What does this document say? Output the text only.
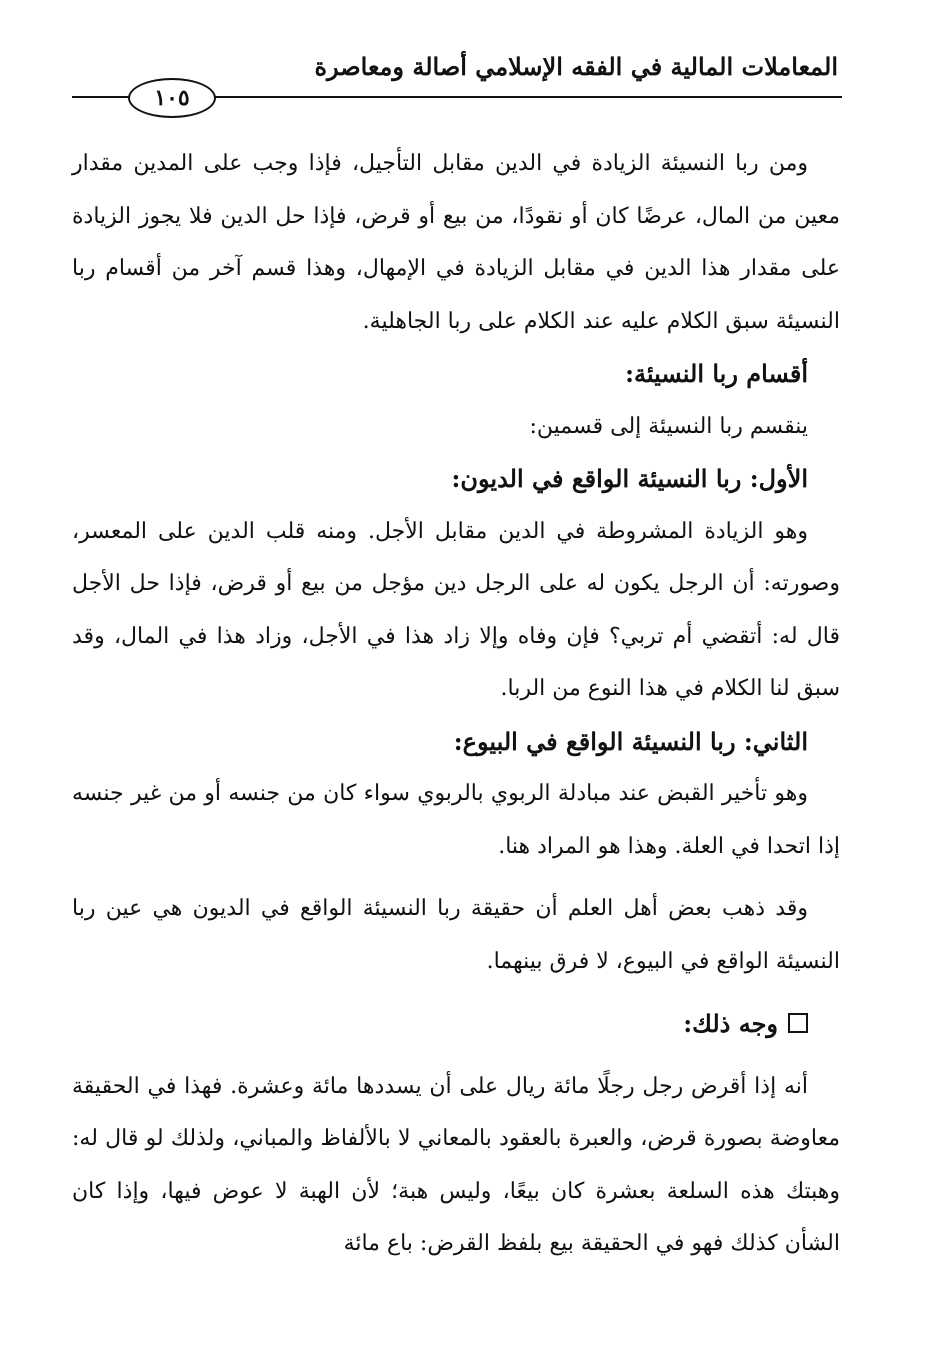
المعاملات المالية في الفقه الإسلامي أصالة ومعاصرة
١٠٥

ومن ربا النسيئة الزيادة في الدين مقابل التأجيل، فإذا وجب على المدين مقدار معين من المال، عرضًا كان أو نقودًا، من بيع أو قرض، فإذا حل الدين فلا يجوز الزيادة على مقدار هذا الدين في مقابل الزيادة في الإمهال، وهذا قسم آخر من أقسام ربا النسيئة سبق الكلام عليه عند الكلام على ربا الجاهلية.

أقسام ربا النسيئة:

ينقسم ربا النسيئة إلى قسمين:

الأول: ربا النسيئة الواقع في الديون:

وهو الزيادة المشروطة في الدين مقابل الأجل. ومنه قلب الدين على المعسر، وصورته: أن الرجل يكون له على الرجل دين مؤجل من بيع أو قرض، فإذا حل الأجل قال له: أتقضي أم تربي؟ فإن وفاه وإلا زاد هذا في الأجل، وزاد هذا في المال، وقد سبق لنا الكلام في هذا النوع من الربا.

الثاني: ربا النسيئة الواقع في البيوع:

وهو تأخير القبض عند مبادلة الربوي بالربوي سواء كان من جنسه أو من غير جنسه إذا اتحدا في العلة. وهذا هو المراد هنا.

وقد ذهب بعض أهل العلم أن حقيقة ربا النسيئة الواقع في الديون هي عين ربا النسيئة الواقع في البيوع، لا فرق بينهما.

وجه ذلك:

أنه إذا أقرض رجل رجلًا مائة ريال على أن يسددها مائة وعشرة. فهذا في الحقيقة معاوضة بصورة قرض، والعبرة بالعقود بالمعاني لا بالألفاظ والمباني، ولذلك لو قال له: وهبتك هذه السلعة بعشرة كان بيعًا، وليس هبة؛ لأن الهبة لا عوض فيها، وإذا كان الشأن كذلك فهو في الحقيقة بيع بلفظ القرض: باع مائة
